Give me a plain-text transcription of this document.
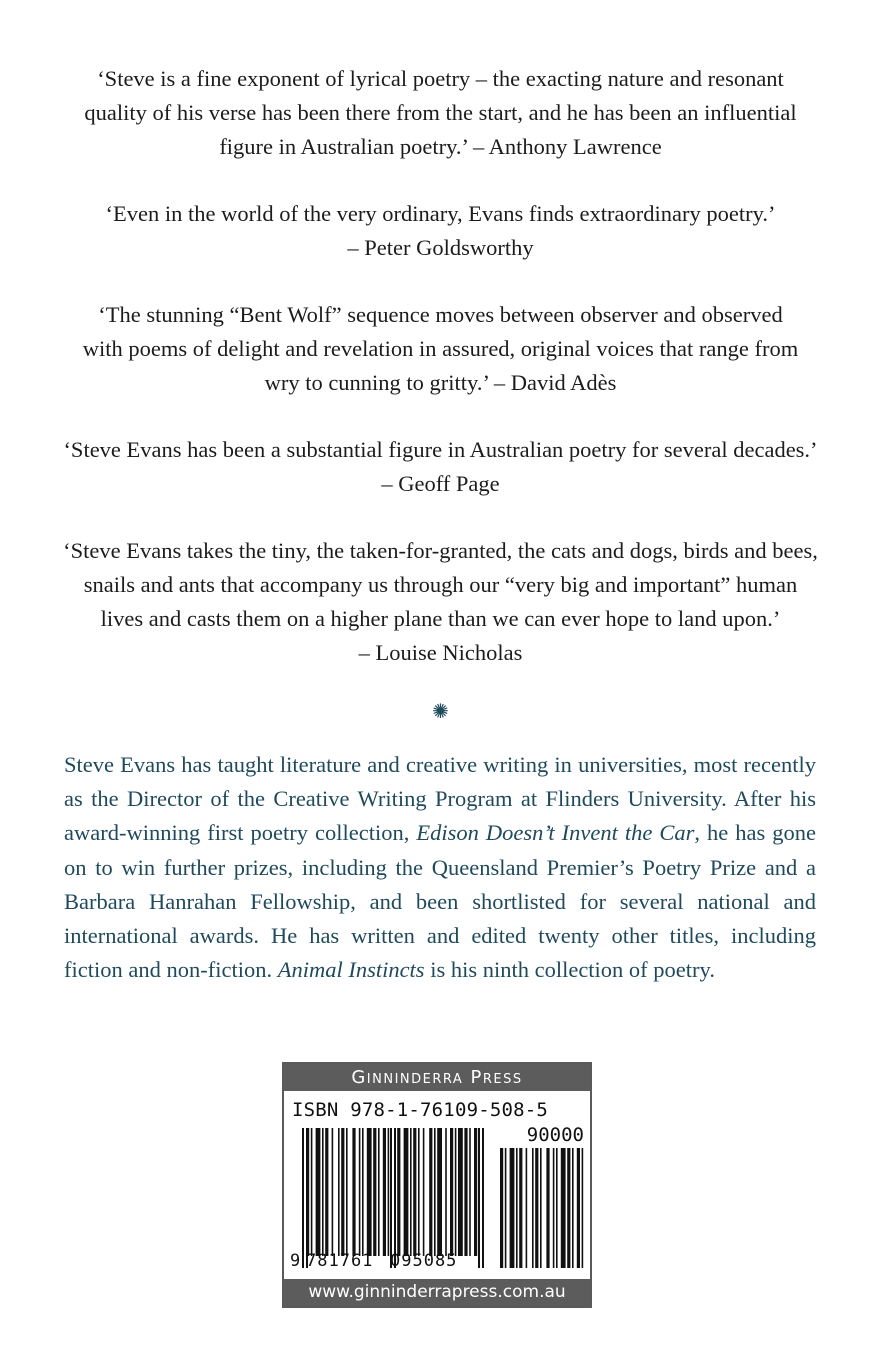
‘Steve is a fine exponent of lyrical poetry – the exacting nature and resonant
quality of his verse has been there from the start, and he has been an influential
figure in Australian poetry.’ – Anthony Lawrence
‘Even in the world of the very ordinary, Evans finds extraordinary poetry.’
– Peter Goldsworthy
‘The stunning “Bent Wolf” sequence moves between observer and observed
with poems of delight and revelation in assured, original voices that range from
wry to cunning to gritty.’ – David Adès
‘Steve Evans has been a substantial figure in Australian poetry for several decades.’
– Geoff Page
‘Steve Evans takes the tiny, the taken-for-granted, the cats and dogs, birds and bees,
snails and ants that accompany us through our “very big and important” human
lives and casts them on a higher plane than we can ever hope to land upon.’
– Louise Nicholas
✺
Steve Evans has taught literature and creative writing in universities, most recently
as the Director of the Creative Writing Program at Flinders University. After his
award-winning first poetry collection, Edison Doesn’t Invent the Car, he has gone
on to win further prizes, including the Queensland Premier’s Poetry Prize and a
Barbara Hanrahan Fellowship, and been shortlisted for several national and
international awards. He has written and edited twenty other titles, including
fiction and non-fiction. Animal Instincts is his ninth collection of poetry.
Ginninderra Press
ISBN 978-1-76109-508-5
90000
9 781761 095085
www.ginninderrapress.com.au
